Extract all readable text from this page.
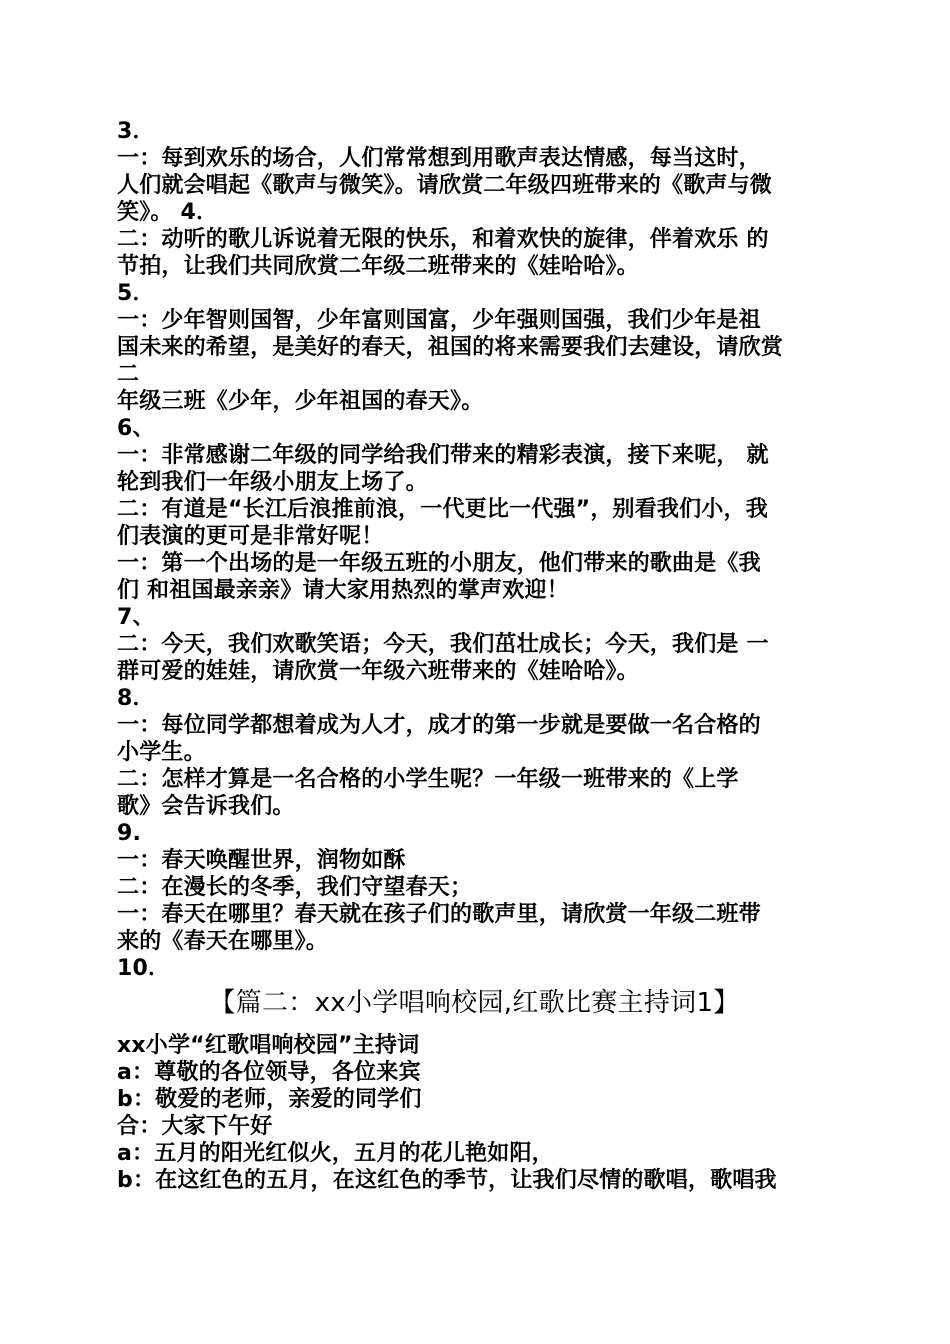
3．

一：每到欢乐的场合，人们常常想到用歌声表达情感，每当这时，

人们就会唱起《歌声与微笑》。请欣赏二年级四班带来的《歌声与微

笑》。 4．

二：动听的歌儿诉说着无限的快乐，和着欢快的旋律，伴着欢乐 的

节拍，让我们共同欣赏二年级二班带来的《娃哈哈》。

5．

一：少年智则国智，少年富则国富，少年强则国强，我们少年是祖

国未来的希望，是美好的春天，祖国的将来需要我们去建设，请欣赏

二

年级三班《少年，少年祖国的春天》。

6、

一：非常感谢二年级的同学给我们带来的精彩表演，接下来呢， 就

轮到我们一年级小朋友上场了。

二：有道是“长江后浪推前浪，一代更比一代强”，别看我们小，我

们表演的更可是非常好呢！

一：第一个出场的是一年级五班的小朋友，他们带来的歌曲是《我

们 和祖国最亲亲》请大家用热烈的掌声欢迎！

7、

二：今天，我们欢歌笑语；今天，我们茁壮成长；今天，我们是 一

群可爱的娃娃，请欣赏一年级六班带来的《娃哈哈》。

8．

一：每位同学都想着成为人才，成才的第一步就是要做一名合格的

小学生。

二：怎样才算是一名合格的小学生呢？一年级一班带来的《上学

歌》会告诉我们。

9.

一：春天唤醒世界，润物如酥

二：在漫长的冬季，我们守望春天；

一：春天在哪里？春天就在孩子们的歌声里，请欣赏一年级二班带

来的《春天在哪里》。

10．

【篇二：xx小学唱响校园,红歌比赛主持词1】

xx小学“红歌唱响校园”主持词

a：尊敬的各位领导，各位来宾

b：敬爱的老师，亲爱的同学们

合：大家下午好

a：五月的阳光红似火，五月的花儿艳如阳，

b：在这红色的五月，在这红色的季节，让我们尽情的歌唱，歌唱我
